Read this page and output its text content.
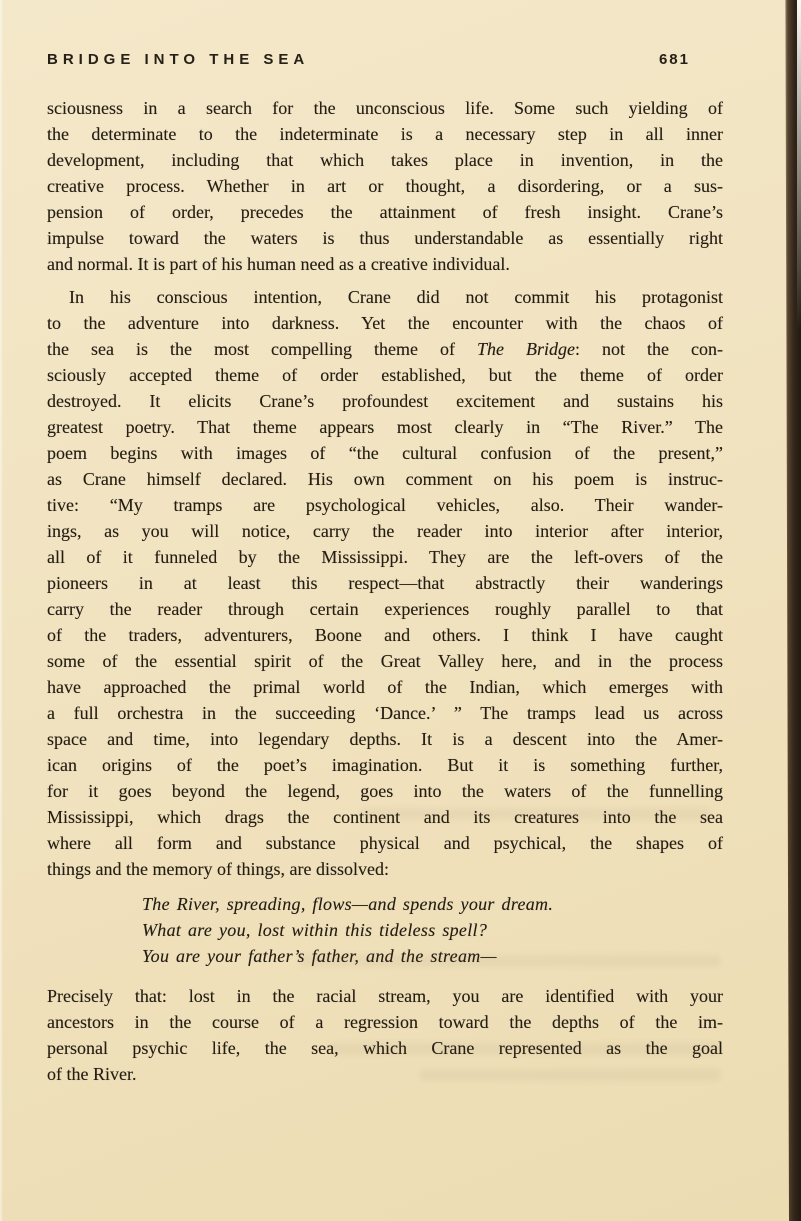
BRIDGE INTO THE SEA	681
sciousness in a search for the unconscious life. Some such yielding of
the determinate to the indeterminate is a necessary step in all inner
development, including that which takes place in invention, in the
creative process. Whether in art or thought, a disordering, or a sus-
pension of order, precedes the attainment of fresh insight. Crane’s
impulse toward the waters is thus understandable as essentially right
and normal. It is part of his human need as a creative individual.
In his conscious intention, Crane did not commit his protagonist
to the adventure into darkness. Yet the encounter with the chaos of
the sea is the most compelling theme of The Bridge: not the con-
sciously accepted theme of order established, but the theme of order
destroyed. It elicits Crane’s profoundest excitement and sustains his
greatest poetry. That theme appears most clearly in “The River.” The
poem begins with images of “the cultural confusion of the present,”
as Crane himself declared. His own comment on his poem is instruc-
tive: “My tramps are psychological vehicles, also. Their wander-
ings, as you will notice, carry the reader into interior after interior,
all of it funneled by the Mississippi. They are the left-overs of the
pioneers in at least this respect—that abstractly their wanderings
carry the reader through certain experiences roughly parallel to that
of the traders, adventurers, Boone and others. I think I have caught
some of the essential spirit of the Great Valley here, and in the process
have approached the primal world of the Indian, which emerges with
a full orchestra in the succeeding ‘Dance.’ ” The tramps lead us across
space and time, into legendary depths. It is a descent into the Amer-
ican origins of the poet’s imagination. But it is something further,
for it goes beyond the legend, goes into the waters of the funnelling
Mississippi, which drags the continent and its creatures into the sea
where all form and substance physical and psychical, the shapes of
things and the memory of things, are dissolved:
The River, spreading, flows—and spends your dream.
What are you, lost within this tideless spell?
You are your father’s father, and the stream—
Precisely that: lost in the racial stream, you are identified with your
ancestors in the course of a regression toward the depths of the im-
personal psychic life, the sea, which Crane represented as the goal
of the River.
